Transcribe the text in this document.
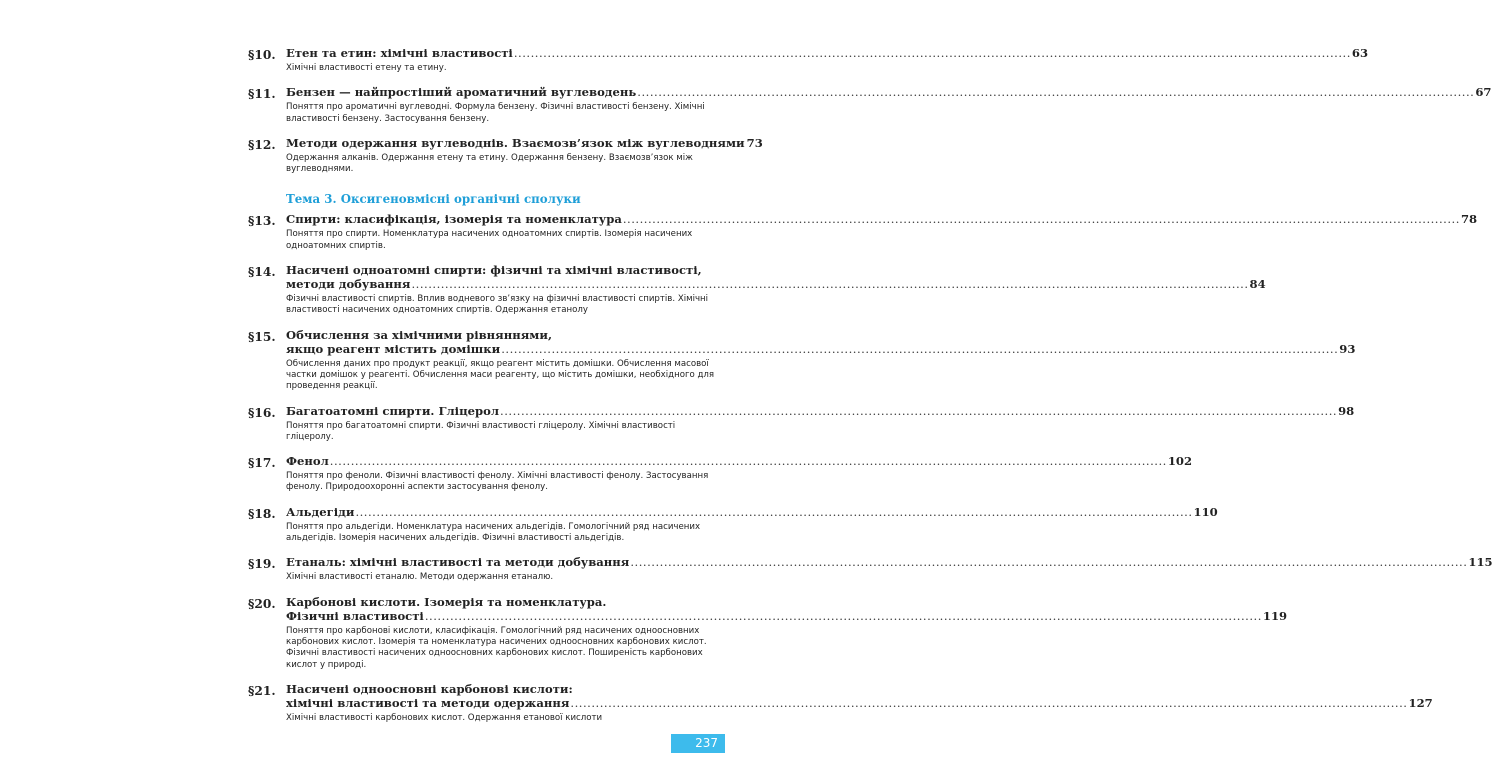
§10. Етен та етин: хімічні властивості ........................................................................................................................................................................................................ 63
Хімічні властивості етену та етину.
§11. Бензен — найпростіший ароматичний вуглеводень ........................................................................................................................................................................................................ 67
Поняття про ароматичні вуглеводні. Формула бензену. Фізичні властивості бензену. Хімічні властивості бензену. Застосування бензену.
§12. Методи одержання вуглеводнів. Взаємозв’язок між вуглеводнями 73
Одержання алканів. Одержання етену та етину. Одержання бензену. Взаємозв’язок між вуглеводнями.
Тема 3. Оксигеновмісні органічні сполуки
§13. Спирти: класифікація, ізомерія та номенклатура ........................................................................................................................................................................................................ 78
Поняття про спирти. Номенклатура насичених одноатомних спиртів. Ізомерія насичених одноатомних спиртів.
§14. Насичені одноатомні спирти: фізичні та хімічні властивості,
методи добування ........................................................................................................................................................................................................ 84
Фізичні властивості спиртів. Вплив водневого зв’язку на фізичні властивості спиртів. Хімічні властивості насичених одноатомних спиртів. Одержання етанолу
§15. Обчислення за хімічними рівняннями,
якщо реагент містить домішки ........................................................................................................................................................................................................ 93
Обчислення даних про продукт реакції, якщо реагент містить домішки. Обчислення масової частки домішок у реагенті. Обчислення маси реагенту, що містить домішки, необхідного для проведення реакції.
§16. Багатоатомні спирти. Гліцерол ........................................................................................................................................................................................................ 98
Поняття про багатоатомні спирти. Фізичні властивості гліцеролу. Хімічні властивості гліцеролу.
§17. Фенол ........................................................................................................................................................................................................ 102
Поняття про феноли. Фізичні властивості фенолу. Хімічні властивості фенолу. Застосування фенолу. Природоохоронні аспекти застосування фенолу.
§18. Альдегіди ........................................................................................................................................................................................................ 110
Поняття про альдегіди. Номенклатура насичених альдегідів. Гомологічний ряд насичених альдегідів. Ізомерія насичених альдегідів. Фізичні властивості альдегідів.
§19. Етаналь: хімічні властивості та методи добування ........................................................................................................................................................................................................ 115
Хімічні властивості етаналю. Методи одержання етаналю.
§20. Карбонові кислоти. Ізомерія та номенклатура.
Фізичні властивості ........................................................................................................................................................................................................ 119
Поняття про карбонові кислоти, класифікація. Гомологічний ряд насичених одноосновних карбонових кислот. Ізомерія та номенклатура насичених одноосновних карбонових кислот. Фізичні властивості насичених одноосновних карбонових кислот. Поширеність карбонових кислот у природі.
§21. Насичені одноосновні карбонові кислоти:
хімічні властивості та методи одержання ........................................................................................................................................................................................................ 127
Хімічні властивості карбонових кислот. Одержання етанової кислоти
237
